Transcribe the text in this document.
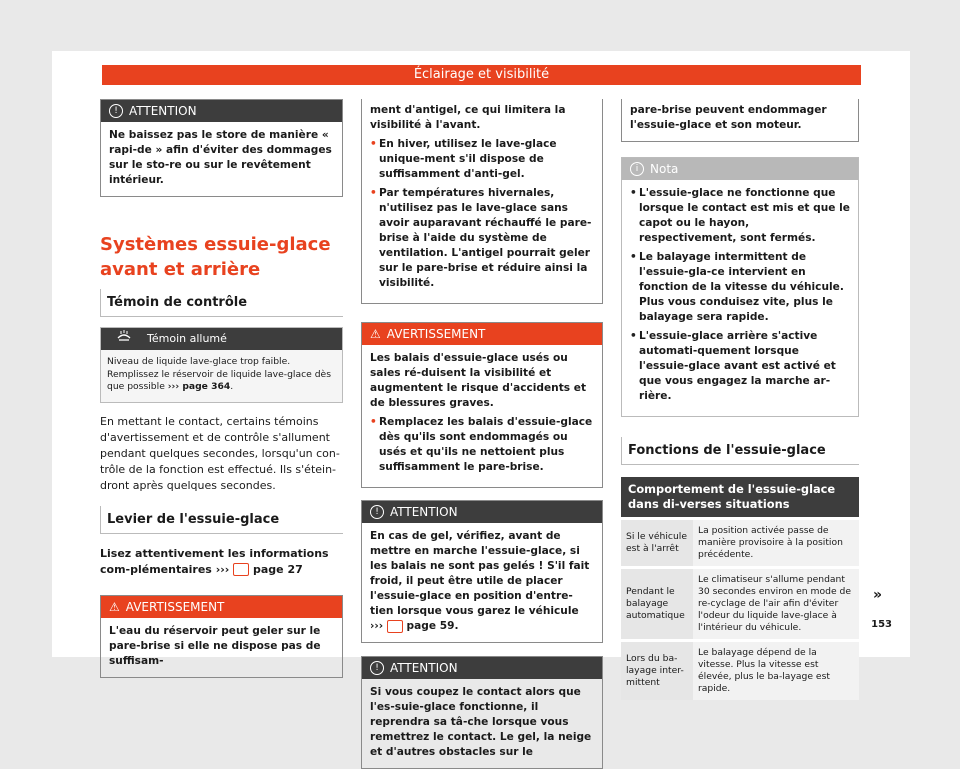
Éclairage et visibilité
! ATTENTION
Ne baissez pas le store de manière « rapi-de » afin d'éviter des dommages sur le sto-re ou sur le revêtement intérieur.
Systèmes essuie-glace
avant et arrière
Témoin de contrôle
Témoin allumé
Niveau de liquide lave-glace trop faible.
Remplissez le réservoir de liquide lave-glace dès que possible ››› page 364.
En mettant le contact, certains témoins d'avertissement et de contrôle s'allument pendant quelques secondes, lorsqu'un con-trôle de la fonction est effectué. Ils s'étein-dront après quelques secondes.
Levier de l'essuie-glace
Lisez attentivement les informations com-plémentaires ››› page 27
⚠ AVERTISSEMENT
L'eau du réservoir peut geler sur le pare-brise si elle ne dispose pas de suffisam-

ment d'antigel, ce qui limitera la visibilité à l'avant.

• En hiver, utilisez le lave-glace unique-ment s'il dispose de suffisamment d'anti-gel.

• Par températures hivernales, n'utilisez pas le lave-glace sans avoir auparavant réchauffé le pare-brise à l'aide du système de ventilation. L'antigel pourrait geler sur le pare-brise et réduire ainsi la visibilité.

⚠ AVERTISSEMENT

Les balais d'essuie-glace usés ou sales ré-duisent la visibilité et augmentent le risque d'accidents et de blessures graves.

• Remplacez les balais d'essuie-glace dès qu'ils sont endommagés ou usés et qu'ils ne nettoient plus suffisamment le pare-brise.

! ATTENTION
En cas de gel, vérifiez, avant de mettre en marche l'essuie-glace, si les balais ne sont pas gelés ! S'il fait froid, il peut être utile de placer l'essuie-glace en position d'entre-tien lorsque vous garez le véhicule ››› page 59.
! ATTENTION
Si vous coupez le contact alors que l'es-suie-glace fonctionne, il reprendra sa tâ-che lorsque vous remettrez le contact. Le gel, la neige et d'autres obstacles sur le
pare-brise peuvent endommager l'essuie-glace et son moteur.
i Nota
• L'essuie-glace ne fonctionne que lorsque le contact est mis et que le capot ou le hayon, respectivement, sont fermés.

• Le balayage intermittent de l'essuie-gla-ce intervient en fonction de la vitesse du véhicule. Plus vous conduisez vite, plus le balayage sera rapide.

• L'essuie-glace arrière s'active automati-quement lorsque l'essuie-glace avant est activé et que vous engagez la marche ar-rière.

Fonctions de l'essuie-glace
Comportement de l'essuie-glace dans di-verses situations
Si le véhicule est à l'arrêt	La position activée passe de manière provisoire à la position précédente.
Pendant le balayage automatique	Le climatiseur s'allume pendant 30 secondes environ en mode de re-cyclage de l'air afin d'éviter l'odeur du liquide lave-glace à l'intérieur du véhicule.
Lors du ba-layage inter-mittent	Le balayage dépend de la vitesse. Plus la vitesse est élevée, plus le ba-layage est rapide.
»
153
